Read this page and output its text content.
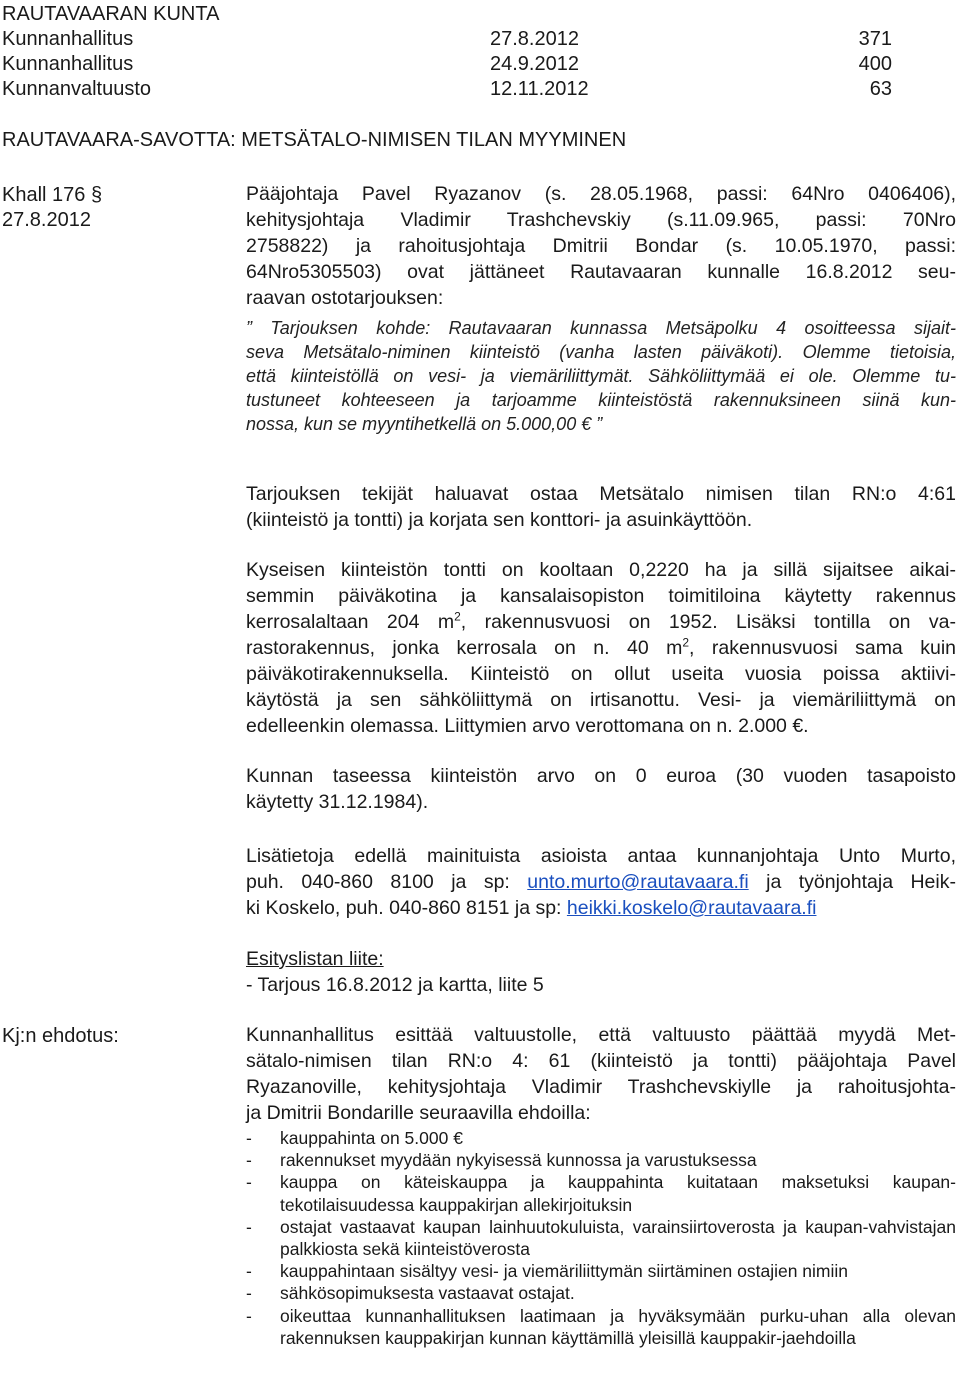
RAUTAVAARAN KUNTA
Kunnanhallitus	27.8.2012	371
Kunnanhallitus	24.9.2012	400
Kunnanvaltuusto	12.11.2012	63
RAUTAVAARA-SAVOTTA: METSÄTALO-NIMISEN TILAN MYYMINEN
Khall 176 §
27.8.2012

Pääjohtaja Pavel Ryazanov (s. 28.05.1968, passi: 64Nro 0406406),
kehitysjohtaja Vladimir Trashchevskiy (s.11.09.965, passi: 70Nro
2758822) ja rahoitusjohtaja Dmitrii Bondar (s. 10.05.1970, passi:
64Nro5305503) ovat jättäneet Rautavaaran kunnalle 16.8.2012 seu-
raavan ostotarjouksen:

” Tarjouksen kohde: Rautavaaran kunnassa Metsäpolku 4 osoitteessa sijait-
seva Metsätalo-niminen kiinteistö (vanha lasten päiväkoti). Olemme tietoisia,
että kiinteistöllä on vesi- ja viemäriliittymät. Sähköliittymää ei ole. Olemme tu-
tustuneet kohteeseen ja tarjoamme kiinteistöstä rakennuksineen siinä kun-
nossa, kun se myyntihetkellä on 5.000,00 € ”

Tarjouksen tekijät haluavat ostaa Metsätalo nimisen tilan RN:o 4:61
(kiinteistö ja tontti) ja korjata sen konttori- ja asuinkäyttöön.

Kyseisen kiinteistön tontti on kooltaan 0,2220 ha ja sillä sijaitsee aikai-
semmin päiväkotina ja kansalaisopiston toimitiloina käytetty rakennus
kerrosalaltaan 204 $m^2$, rakennusvuosi on 1952. Lisäksi tontilla on va-
rastorakennus, jonka kerrosala on n. 40 $m^2$, rakennusvuosi sama kuin
päiväkotirakennuksella. Kiinteistö on ollut useita vuosia poissa aktiivi-
käytöstä ja sen sähköliittymä on irtisanottu. Vesi- ja viemäriliittymä on
edelleenkin olemassa. Liittymien arvo verottomana on n. 2.000 €.

Kunnan taseessa kiinteistön arvo on 0 euroa (30 vuoden tasapoisto
käytetty 31.12.1984).

Lisätietoja edellä mainituista asioista antaa kunnanjohtaja Unto Murto,
puh. 040-860 8100 ja sp: unto.murto@rautavaara.fi ja työnjohtaja Heik-
ki Koskelo, puh. 040-860 8151 ja sp: heikki.koskelo@rautavaara.fi

Esityslistan liite:
- Tarjous 16.8.2012 ja kartta, liite 5

Kunnanhallitus esittää valtuustolle, että valtuusto päättää myydä Met-
sätalo-nimisen tilan RN:o 4: 61 (kiinteistö ja tontti) pääjohtaja Pavel
Ryazanoville, kehitysjohtaja Vladimir Trashchevskiylle ja rahoitusjohta-
ja Dmitrii Bondarille seuraavilla ehdoilla:

- kauppahinta on 5.000 €
- rakennukset myydään nykyisessä kunnossa ja varustuksessa
- kauppa on käteiskauppa ja kauppahinta kuitataan maksetuksi kaupan-tekotilaisuudessa kauppakirjan allekirjoituksin
- ostajat vastaavat kaupan lainhuutokuluista, varainsiirtoverosta ja kaupan-vahvistajan palkkiosta sekä kiinteistöverosta
- kauppahintaan sisältyy vesi- ja viemäriliittymän siirtäminen ostajien nimiin
- sähkösopimuksesta vastaavat ostajat.
- oikeuttaa kunnanhallituksen laatimaan ja hyväksymään purku-uhan alla olevan rakennuksen kauppakirjan kunnan käyttämillä yleisillä kauppakir-jaehdoilla
Kj:n ehdotus:
